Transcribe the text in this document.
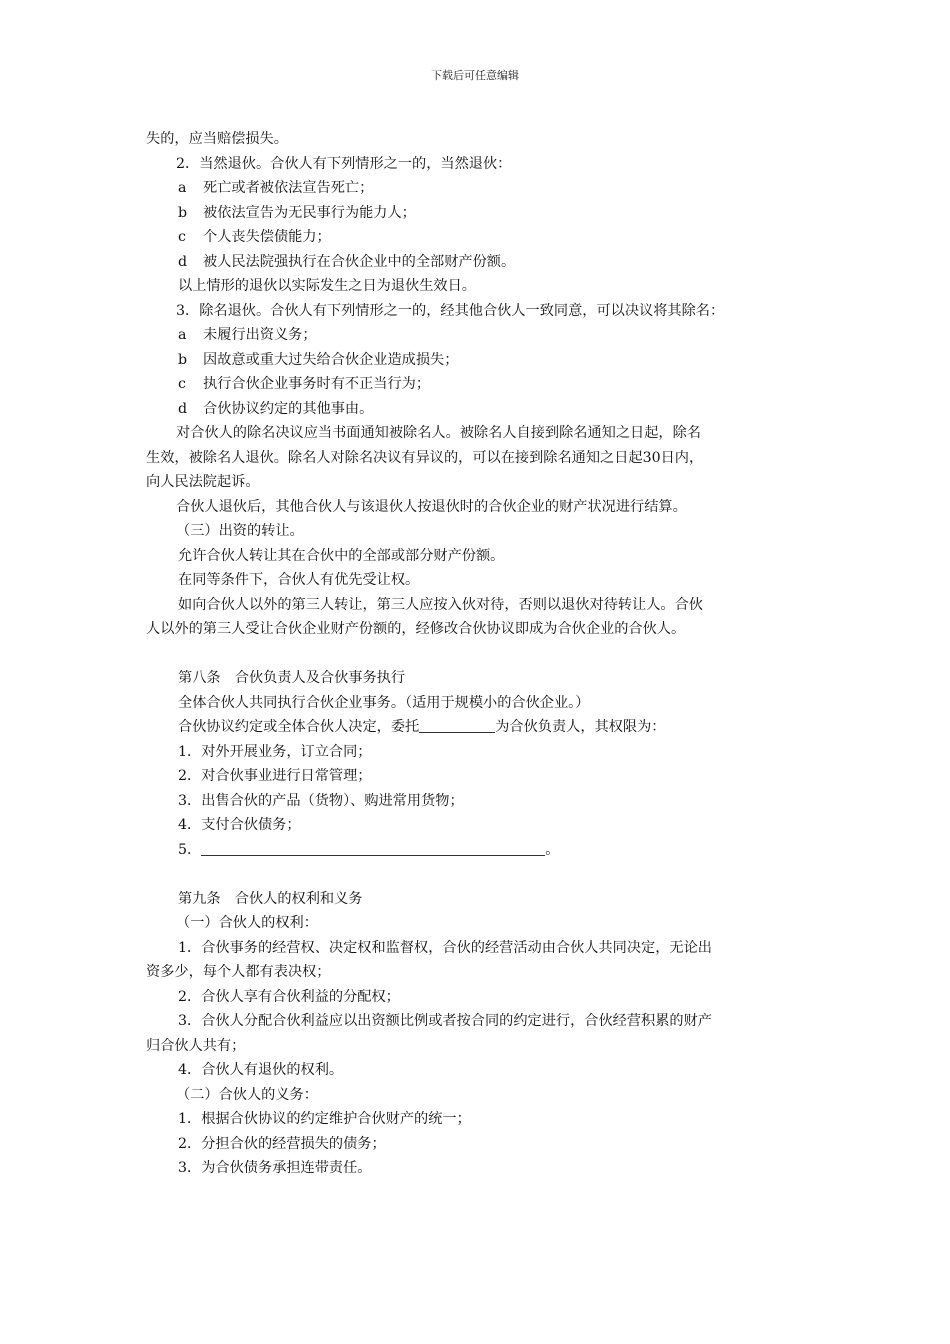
下载后可任意编辑
失的，应当赔偿损失。
2．当然退伙。合伙人有下列情形之一的，当然退伙：
a 死亡或者被依法宣告死亡；
b 被依法宣告为无民事行为能力人；
c 个人丧失偿债能力；
d 被人民法院强执行在合伙企业中的全部财产份额。
以上情形的退伙以实际发生之日为退伙生效日。
3．除名退伙。合伙人有下列情形之一的，经其他合伙人一致同意，可以决议将其除名：
a 未履行出资义务；
b 因故意或重大过失给合伙企业造成损失；
c 执行合伙企业事务时有不正当行为；
d 合伙协议约定的其他事由。
对合伙人的除名决议应当书面通知被除名人。被除名人自接到除名通知之日起，除名
生效，被除名人退伙。除名人对除名决议有异议的，可以在接到除名通知之日起30日内，
向人民法院起诉。
合伙人退伙后，其他合伙人与该退伙人按退伙时的合伙企业的财产状况进行结算。
（三）出资的转让。
允许合伙人转让其在合伙中的全部或部分财产份额。
在同等条件下，合伙人有优先受让权。
如向合伙人以外的第三人转让，第三人应按入伙对待，否则以退伙对待转让人。合伙
人以外的第三人受让合伙企业财产份额的，经修改合伙协议即成为合伙企业的合伙人。
第八条　合伙负责人及合伙事务执行
全体合伙人共同执行合伙企业事务。（适用于规模小的合伙企业。）
合伙协议约定或全体合伙人决定，委托	为合伙负责人，其权限为：
1．对外开展业务，订立合同；
2．对合伙事业进行日常管理；
3．出售合伙的产品（货物）、购进常用货物；
4．支付合伙债务；
5．	。
第九条　合伙人的权利和义务
（一）合伙人的权利：
1．合伙事务的经营权、决定权和监督权，合伙的经营活动由合伙人共同决定，无论出
资多少，每个人都有表决权；
2．合伙人享有合伙利益的分配权；
3．合伙人分配合伙利益应以出资额比例或者按合同的约定进行，合伙经营积累的财产
归合伙人共有；
4．合伙人有退伙的权利。
（二）合伙人的义务：
1．根据合伙协议的约定维护合伙财产的统一；
2．分担合伙的经营损失的债务；
3．为合伙债务承担连带责任。
